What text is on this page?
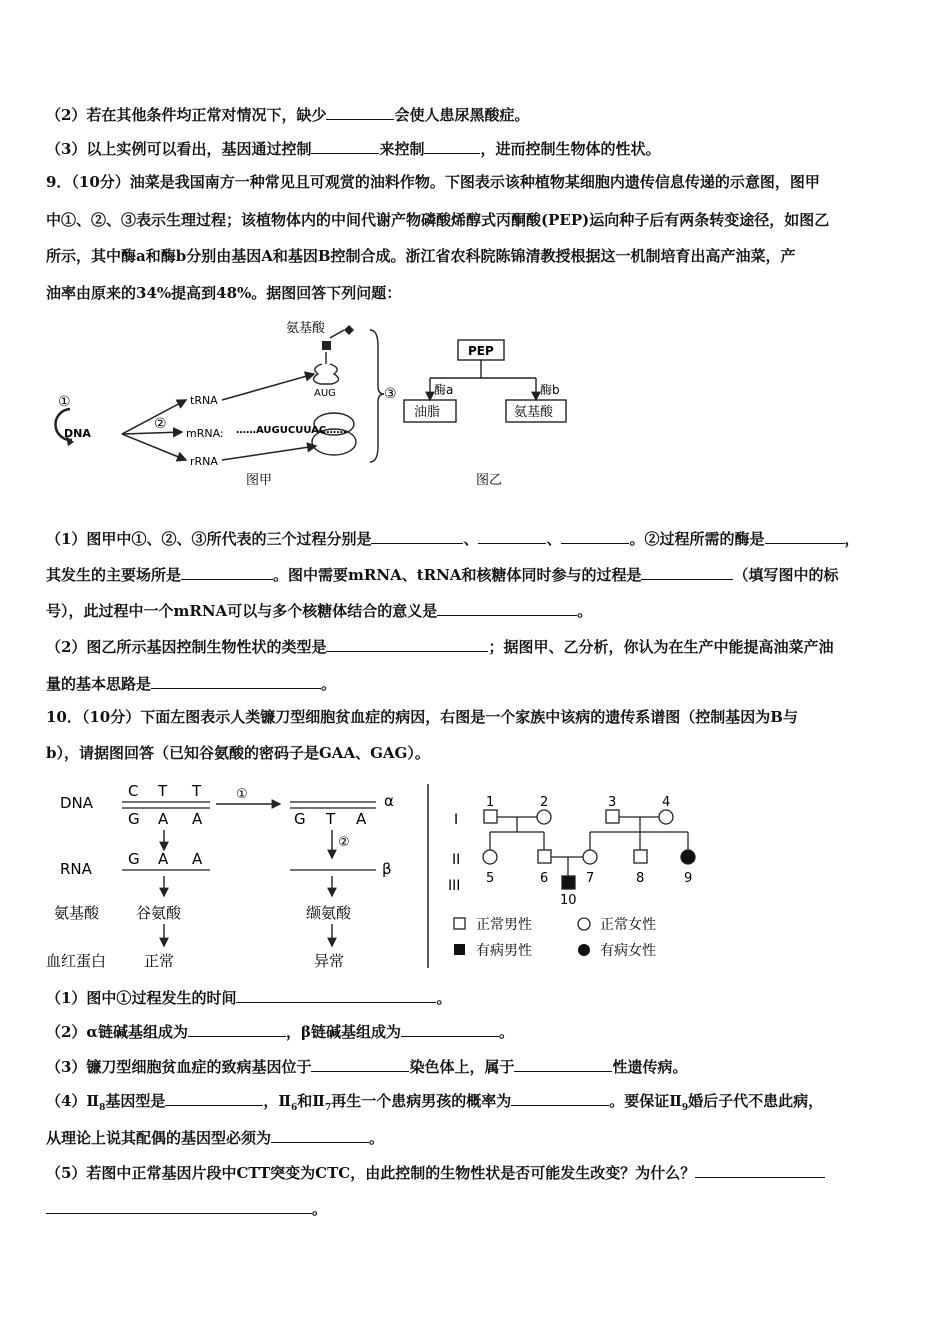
（2）若在其他条件均正常对情况下，缺少	会使人患尿黑酸症。
（3）以上实例可以看出，基因通过控制	来控制	，进而控制生物体的性状。
9．（10分）油菜是我国南方一种常见且可观赏的油料作物。下图表示该种植物某细胞内遗传信息传递的示意图，图甲
中①、②、③表示生理过程；该植物体内的中间代谢产物磷酸烯醇式丙酮酸(PEP)运向种子后有两条转变途径，如图乙
所示，其中酶a和酶b分别由基因A和基因B控制合成。浙江省农科院陈锦清教授根据这一机制培育出高产油菜，产
油率由原来的34%提高到48%。据图回答下列问题：
氨基酸
AUG
①
DNA
②
tRNA
mRNA:
rRNA
……AUGUCUUAC……
③
图甲
PEP
酶a	酶b
油脂	氨基酸
图乙
（1）图甲中①、②、③所代表的三个过程分别是	、	、	。②过程所需的酶是	，
其发生的主要场所是	。图中需要mRNA、tRNA和核糖体同时参与的过程是	（填写图中的标
号），此过程中一个mRNA可以与多个核糖体结合的意义是	。
（2）图乙所示基因控制生物性状的类型是	；据图甲、乙分析，你认为在生产中能提高油菜产油
量的基本思路是	。
10．（10分）下面左图表示人类镰刀型细胞贫血症的病因，右图是一个家族中该病的遗传系谱图（控制基因为B与
b），请据图回答（已知谷氨酸的密码子是GAA、GAG）。
DNA
C T T
G A A
①	α
G T A
②
RNA
G A A
β
氨基酸 谷氨酸	缬氨酸
血红蛋白	正常	异常
I
II
III
1	2	3	4
5	6	7	8	9
10
正常男性	正常女性
有病男性	有病女性
（1）图中①过程发生的时间	。
（2）α链碱基组成为	，β链碱基组成为	。
（3）镰刀型细胞贫血症的致病基因位于	染色体上，属于	性遗传病。
$(4)Ⅱ_8$基因型是	，$Ⅱ_6$和$Ⅱ_7$再生一个患病男孩的概率为	。要保证$Ⅱ_9$婚后子代不患此病，
从理论上说其配偶的基因型必须为	。
（5）若图中正常基因片段中CTT突变为CTC，由此控制的生物性状是否可能发生改变？为什么？
。
